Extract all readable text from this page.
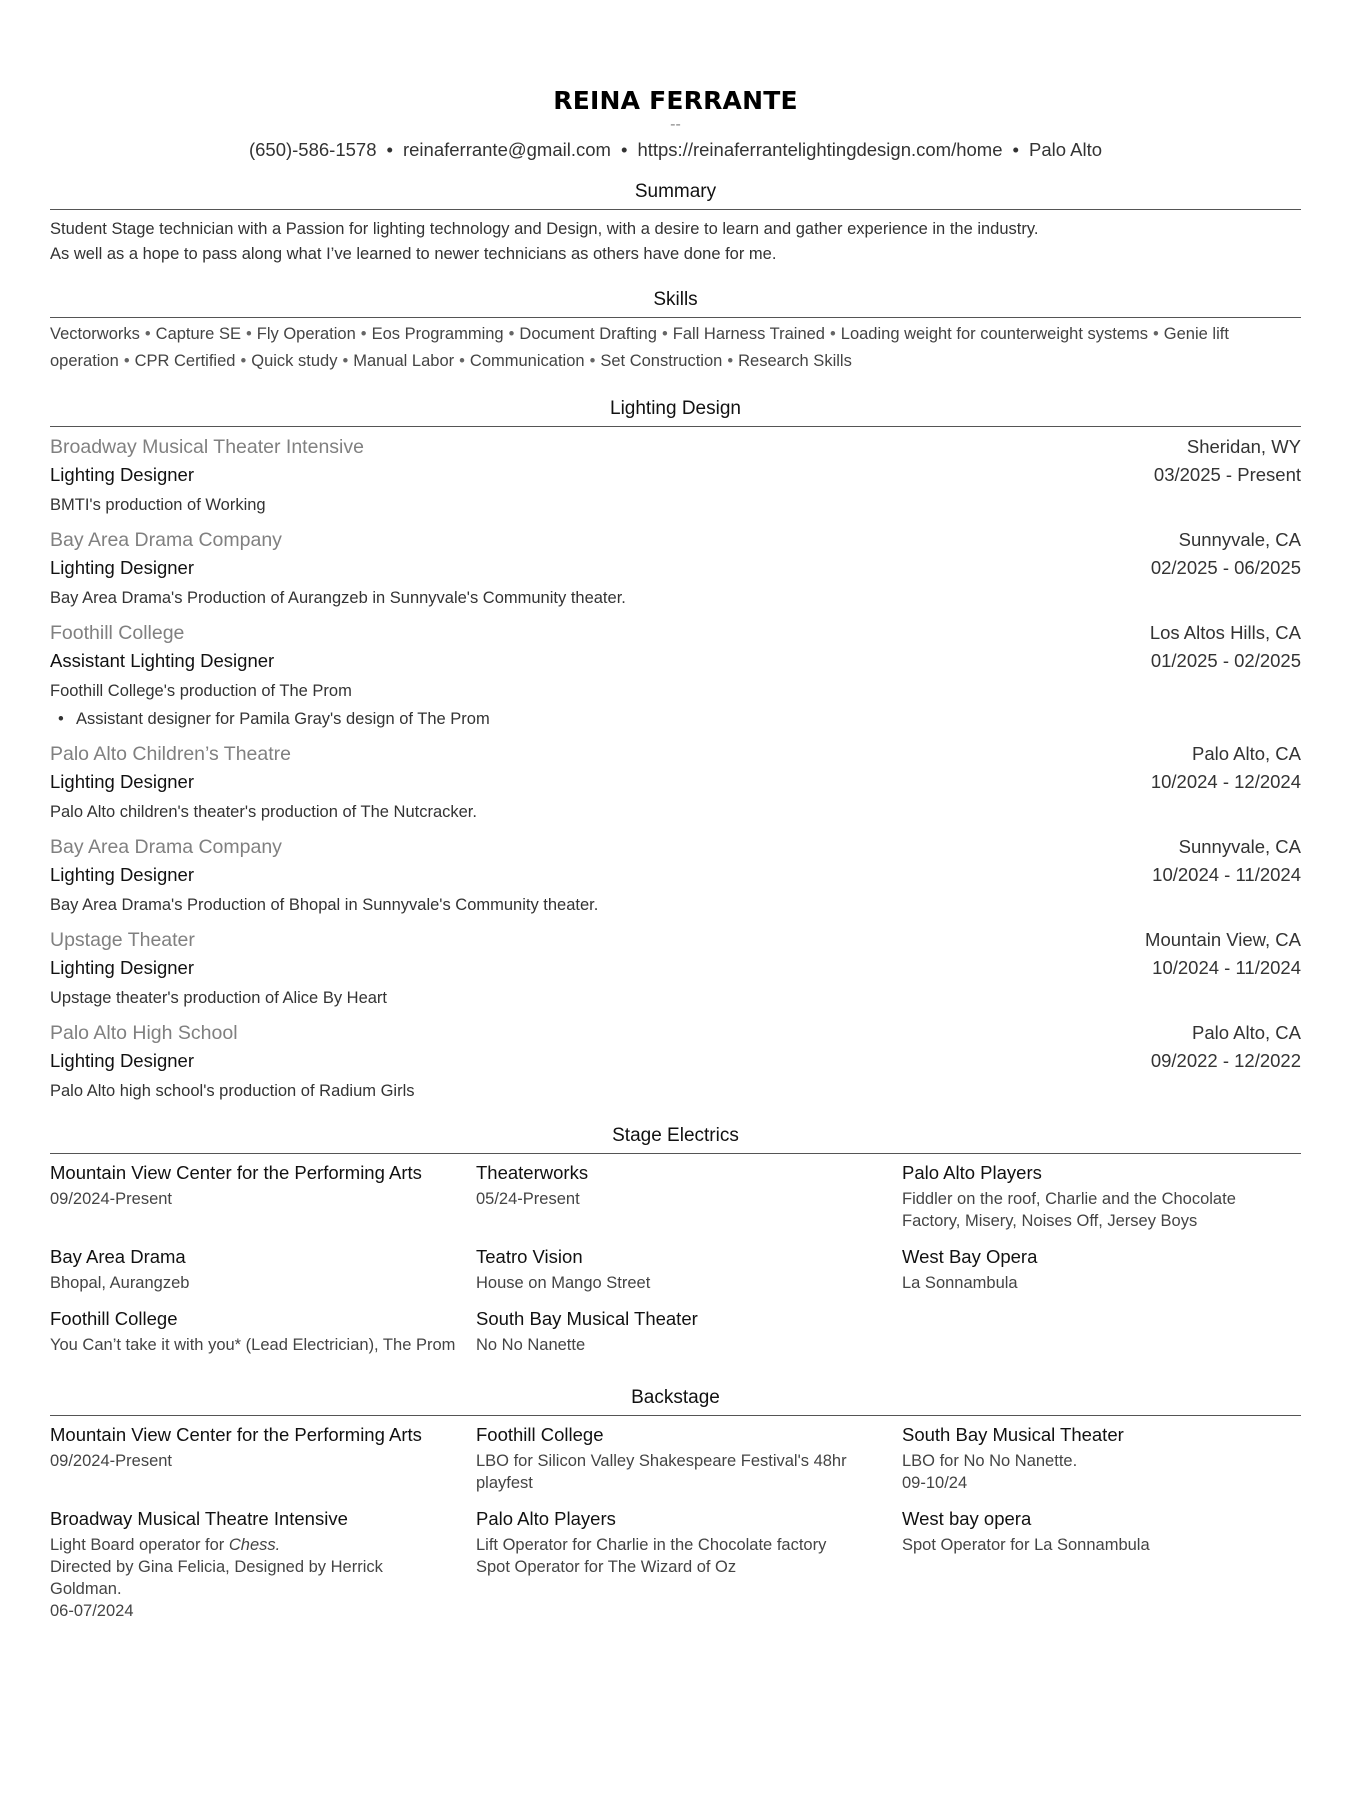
REINA FERRANTE
--
(650)-586-1578 • reinaferrante@gmail.com • https://reinaferrantelightingdesign.com/home • Palo Alto
Summary
Student Stage technician with a Passion for lighting technology and Design, with a desire to learn and gather experience in the industry.
As well as a hope to pass along what I’ve learned to newer technicians as others have done for me.
Skills
Vectorworks • Capture SE • Fly Operation • Eos Programming • Document Drafting • Fall Harness Trained • Loading weight for counterweight systems • Genie lift operation • CPR Certified • Quick study • Manual Labor • Communication • Set Construction • Research Skills
Lighting Design
Broadway Musical Theater Intensive	Sheridan, WY
Lighting Designer	03/2025 - Present
BMTI's production of Working
Bay Area Drama Company	Sunnyvale, CA
Lighting Designer	02/2025 - 06/2025
Bay Area Drama's Production of Aurangzeb in Sunnyvale's Community theater.
Foothill College	Los Altos Hills, CA
Assistant Lighting Designer	01/2025 - 02/2025
Foothill College's production of The Prom
• Assistant designer for Pamila Gray's design of The Prom
Palo Alto Children’s Theatre	Palo Alto, CA
Lighting Designer	10/2024 - 12/2024
Palo Alto children's theater's production of The Nutcracker.
Bay Area Drama Company	Sunnyvale, CA
Lighting Designer	10/2024 - 11/2024
Bay Area Drama's Production of Bhopal in Sunnyvale's Community theater.
Upstage Theater	Mountain View, CA
Lighting Designer	10/2024 - 11/2024
Upstage theater's production of Alice By Heart
Palo Alto High School	Palo Alto, CA
Lighting Designer	09/2022 - 12/2022
Palo Alto high school's production of Radium Girls
Stage Electrics
Mountain View Center for the Performing Arts
09/2024-Present
Theaterworks
05/24-Present
Palo Alto Players
Fiddler on the roof, Charlie and the Chocolate Factory, Misery, Noises Off, Jersey Boys
Bay Area Drama
Bhopal, Aurangzeb
Teatro Vision
House on Mango Street
West Bay Opera
La Sonnambula
Foothill College
You Can’t take it with you* (Lead Electrician), The Prom
South Bay Musical Theater
No No Nanette
Backstage
Mountain View Center for the Performing Arts
09/2024-Present
Foothill College
LBO for Silicon Valley Shakespeare Festival's 48hr playfest
South Bay Musical Theater
LBO for No No Nanette.
09-10/24
Broadway Musical Theatre Intensive
Light Board operator for Chess.
Directed by Gina Felicia, Designed by Herrick Goldman.
06-07/2024
Palo Alto Players
Lift Operator for Charlie in the Chocolate factory
Spot Operator for The Wizard of Oz
West bay opera
Spot Operator for La Sonnambula
